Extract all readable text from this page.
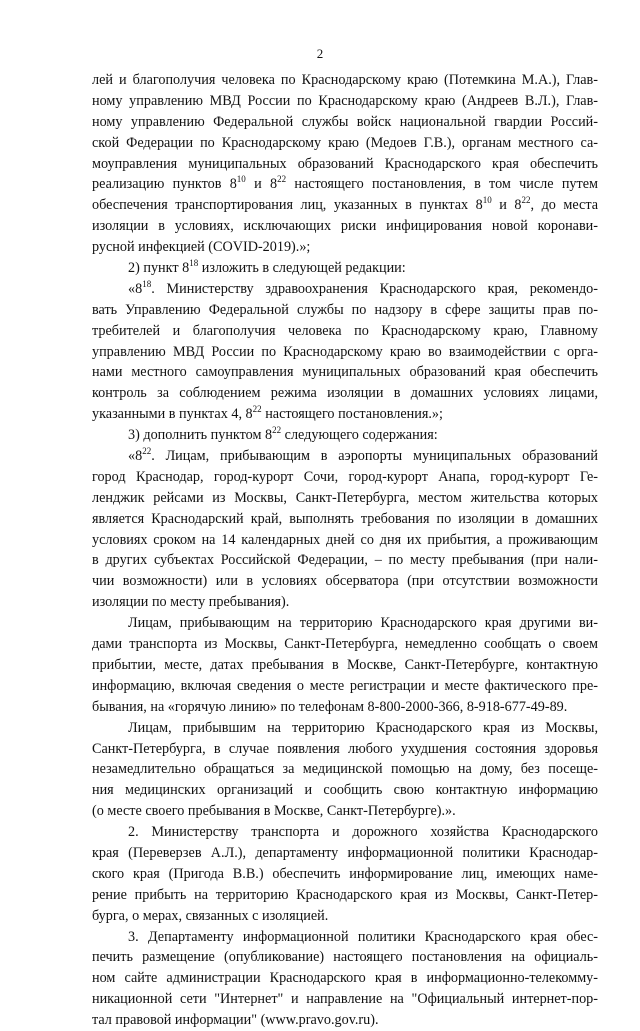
2
лей и благополучия человека по Краснодарскому краю (Потемкина М.А.), Глав-
ному управлению МВД России по Краснодарскому краю (Андреев В.Л.), Глав-
ному управлению Федеральной службы войск национальной гвардии Россий-
ской Федерации по Краснодарскому краю (Медоев Г.В.), органам местного са-
моуправления муниципальных образований Краснодарского края обеспечить
реализацию пунктов $8^{10}$ и $8^{22}$ настоящего постановления, в том числе путем
обеспечения транспортирования лиц, указанных в пунктах $8^{10}$ и $8^{22}$, до места
изоляции в условиях, исключающих риски инфицирования новой коронави-
русной инфекцией (COVID-2019).»;
2) пункт $8^{18}$ изложить в следующей редакции:
«$8^{18}$. Министерству здравоохранения Краснодарского края, рекомендо-
вать Управлению Федеральной службы по надзору в сфере защиты прав по-
требителей и благополучия человека по Краснодарскому краю, Главному
управлению МВД России по Краснодарскому краю во взаимодействии с орга-
нами местного самоуправления муниципальных образований края обеспечить
контроль за соблюдением режима изоляции в домашних условиях лицами,
указанными в пунктах 4, $8^{22}$ настоящего постановления.»;
3) дополнить пунктом $8^{22}$ следующего содержания:
«$8^{22}$. Лицам, прибывающим в аэропорты муниципальных образований
город Краснодар, город-курорт Сочи, город-курорт Анапа, город-курорт Ге-
ленджик рейсами из Москвы, Санкт-Петербурга, местом жительства которых
является Краснодарский край, выполнять требования по изоляции в домашних
условиях сроком на 14 календарных дней со дня их прибытия, а проживающим
в других субъектах Российской Федерации, – по месту пребывания (при нали-
чии возможности) или в условиях обсерватора (при отсутствии возможности
изоляции по месту пребывания).
Лицам, прибывающим на территорию Краснодарского края другими ви-
дами транспорта из Москвы, Санкт-Петербурга, немедленно сообщать о своем
прибытии, месте, датах пребывания в Москве, Санкт-Петербурге, контактную
информацию, включая сведения о месте регистрации и месте фактического пре-
бывания, на «горячую линию» по телефонам 8-800-2000-366, 8-918-677-49-89.
Лицам, прибывшим на территорию Краснодарского края из Москвы,
Санкт-Петербурга, в случае появления любого ухудшения состояния здоровья
незамедлительно обращаться за медицинской помощью на дому, без посеще-
ния медицинских организаций и сообщить свою контактную информацию
(о месте своего пребывания в Москве, Санкт-Петербурге).».
2. Министерству транспорта и дорожного хозяйства Краснодарского
края (Переверзев А.Л.), департаменту информационной политики Краснодар-
ского края (Пригода В.В.) обеспечить информирование лиц, имеющих наме-
рение прибыть на территорию Краснодарского края из Москвы, Санкт-Петер-
бурга, о мерах, связанных с изоляцией.
3. Департаменту информационной политики Краснодарского края обес-
печить размещение (опубликование) настоящего постановления на официаль-
ном сайте администрации Краснодарского края в информационно-телекомму-
никационной сети "Интернет" и направление на "Официальный интернет-пор-
тал правовой информации" (www.pravo.gov.ru).
